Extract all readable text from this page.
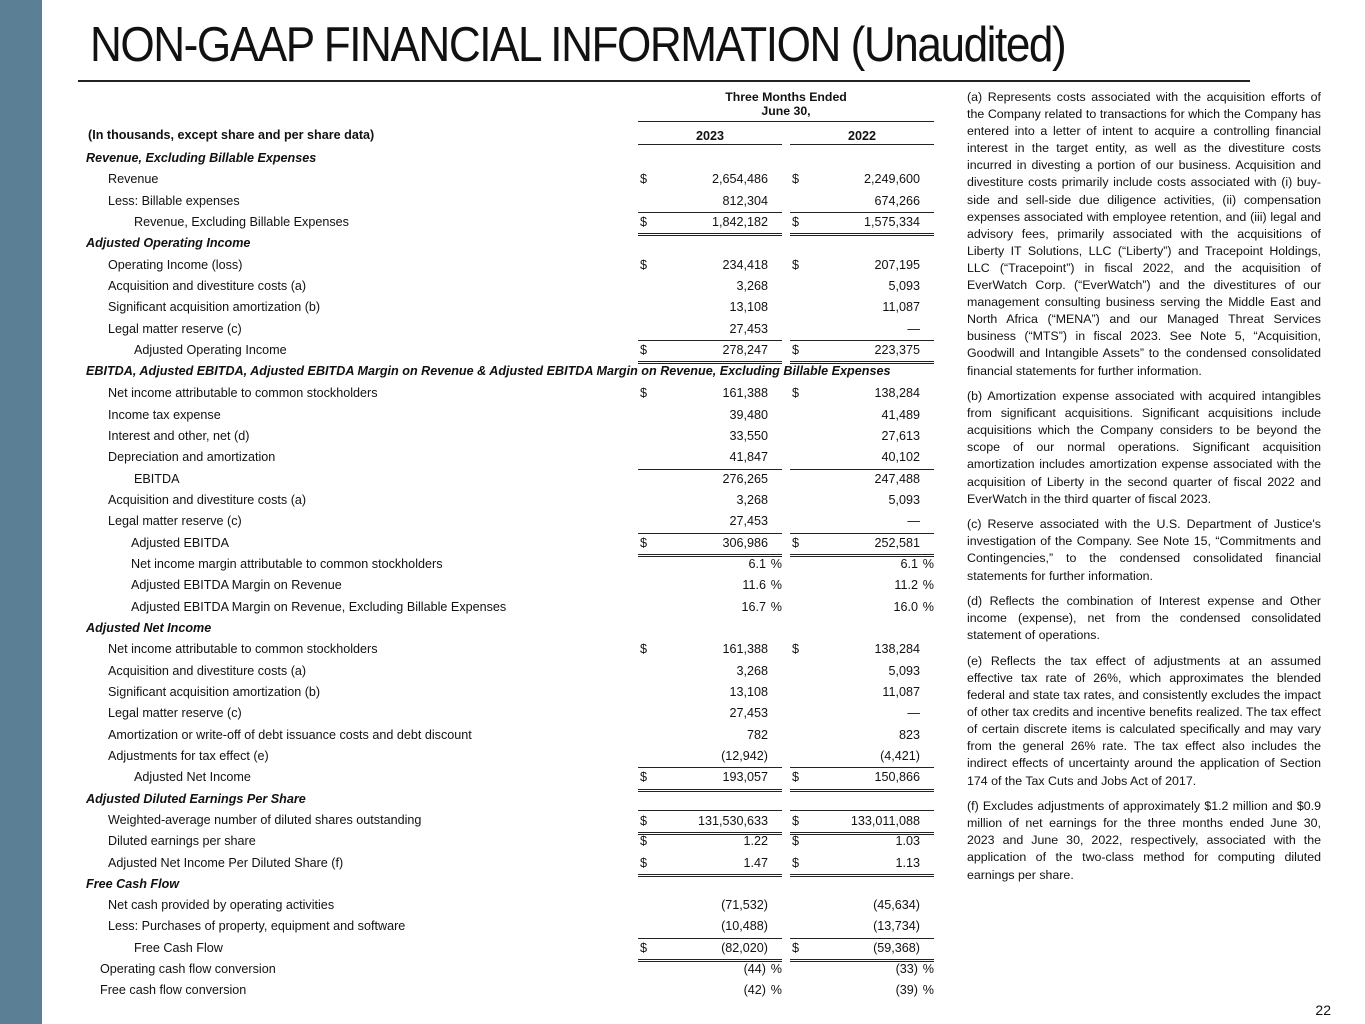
NON-GAAP FINANCIAL INFORMATION (Unaudited)
Three Months Ended
June 30,
(In thousands, except share and per share data)	2023	2022
Revenue, Excluding Billable Expenses
Revenue	$	2,654,486 $	2,249,600
Less: Billable expenses	812,304	674,266
Revenue, Excluding Billable Expenses	$	1,842,182 $	1,575,334
Adjusted Operating Income
Operating Income (loss)	$	234,418 $	207,195
Acquisition and divestiture costs (a)	3,268	5,093
Significant acquisition amortization (b)	13,108	11,087
Legal matter reserve (c)	27,453	—
Adjusted Operating Income	$	278,247 $	223,375
EBITDA, Adjusted EBITDA, Adjusted EBITDA Margin on Revenue & Adjusted EBITDA Margin on Revenue, Excluding Billable Expenses
Net income attributable to common stockholders	$	161,388 $	138,284
Income tax expense	39,480	41,489
Interest and other, net (d)	33,550	27,613
Depreciation and amortization	41,847	40,102
EBITDA	276,265	247,488
Acquisition and divestiture costs (a)	3,268	5,093
Legal matter reserve (c)	27,453	—
Adjusted EBITDA	$	306,986 $	252,581
Net income margin attributable to common stockholders	6.1 %	6.1 %
Adjusted EBITDA Margin on Revenue	11.6 %	11.2 %
Adjusted EBITDA Margin on Revenue, Excluding Billable Expenses	16.7 %	16.0 %
Adjusted Net Income
Net income attributable to common stockholders	$	161,388 $	138,284
Acquisition and divestiture costs (a)	3,268	5,093
Significant acquisition amortization (b)	13,108	11,087
Legal matter reserve (c)	27,453	—
Amortization or write-off of debt issuance costs and debt discount	782	823
Adjustments for tax effect (e)	(12,942)	(4,421)
Adjusted Net Income	$	193,057 $	150,866
Adjusted Diluted Earnings Per Share
Weighted-average number of diluted shares outstanding	$	131,530,633 $	133,011,088
Diluted earnings per share	$	1.22 $	1.03
Adjusted Net Income Per Diluted Share (f)	$	1.47 $	1.13
Free Cash Flow
Net cash provided by operating activities	(71,532)	(45,634)
Less: Purchases of property, equipment and software	(10,488)	(13,734)
Free Cash Flow	$	(82,020) $	(59,368)
Operating cash flow conversion	(44) %	(33) %
Free cash flow conversion	(42) %	(39) %

(a) Represents costs associated with the acquisition efforts of the Company related to transactions for which the Company has entered into a letter of intent to acquire a controlling financial interest in the target entity, as well as the divestiture costs incurred in divesting a portion of our business. Acquisition and divestiture costs primarily include costs associated with (i) buy-side and sell-side due diligence activities, (ii) compensation expenses associated with employee retention, and (iii) legal and advisory fees, primarily associated with the acquisitions of Liberty IT Solutions, LLC (“Liberty”) and Tracepoint Holdings, LLC (“Tracepoint”) in fiscal 2022, and the acquisition of EverWatch Corp. (“EverWatch”) and the divestitures of our management consulting business serving the Middle East and North Africa (“MENA”) and our Managed Threat Services business (“MTS”) in fiscal 2023. See Note 5, “Acquisition, Goodwill and Intangible Assets” to the condensed consolidated financial statements for further information.

(b) Amortization expense associated with acquired intangibles from significant acquisitions. Significant acquisitions include acquisitions which the Company considers to be beyond the scope of our normal operations. Significant acquisition amortization includes amortization expense associated with the acquisition of Liberty in the second quarter of fiscal 2022 and EverWatch in the third quarter of fiscal 2023.

(c) Reserve associated with the U.S. Department of Justice's investigation of the Company. See Note 15, “Commitments and Contingencies,” to the condensed consolidated financial statements for further information.

(d) Reflects the combination of Interest expense and Other income (expense), net from the condensed consolidated statement of operations.

(e) Reflects the tax effect of adjustments at an assumed effective tax rate of 26%, which approximates the blended federal and state tax rates, and consistently excludes the impact of other tax credits and incentive benefits realized. The tax effect of certain discrete items is calculated specifically and may vary from the general 26% rate. The tax effect also includes the indirect effects of uncertainty around the application of Section 174 of the Tax Cuts and Jobs Act of 2017.

(f) Excludes adjustments of approximately $1.2 million and $0.9 million of net earnings for the three months ended June 30, 2023 and June 30, 2022, respectively, associated with the application of the two-class method for computing diluted earnings per share.

22
